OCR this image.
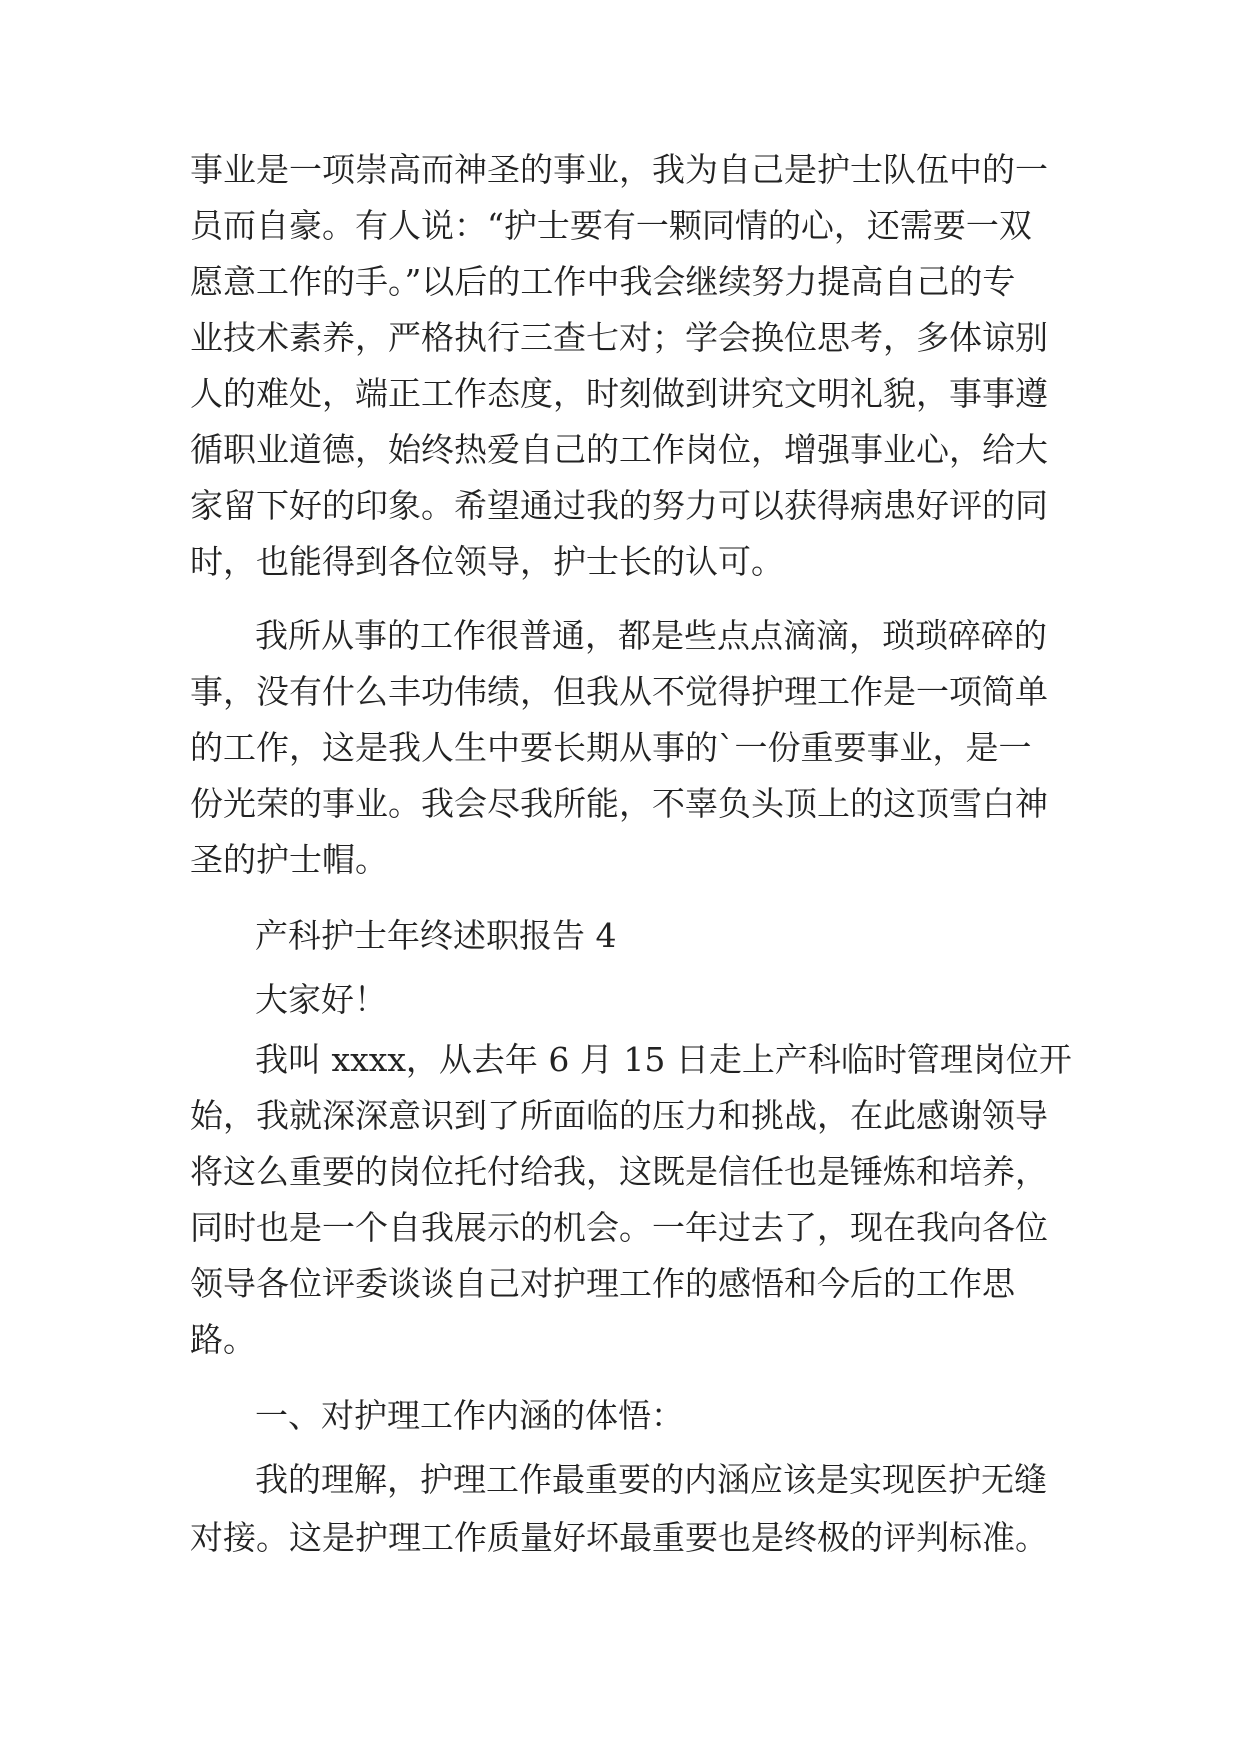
事业是一项崇高而神圣的事业，我为自己是护士队伍中的一
员而自豪。有人说：“护士要有一颗同情的心，还需要一双
愿意工作的手。”以后的工作中我会继续努力提高自己的专
业技术素养，严格执行三查七对；学会换位思考，多体谅别
人的难处，端正工作态度，时刻做到讲究文明礼貌，事事遵
循职业道德，始终热爱自己的工作岗位，增强事业心，给大
家留下好的印象。希望通过我的努力可以获得病患好评的同
时，也能得到各位领导，护士长的认可。
我所从事的工作很普通，都是些点点滴滴，琐琐碎碎的
事，没有什么丰功伟绩，但我从不觉得护理工作是一项简单
的工作，这是我人生中要长期从事的`一份重要事业，是一
份光荣的事业。我会尽我所能，不辜负头顶上的这顶雪白神
圣的护士帽。
产科护士年终述职报告 4
大家好！
我叫 xxxx，从去年 6 月 15 日走上产科临时管理岗位开
始，我就深深意识到了所面临的压力和挑战，在此感谢领导
将这么重要的岗位托付给我，这既是信任也是锤炼和培养，
同时也是一个自我展示的机会。一年过去了，现在我向各位
领导各位评委谈谈自己对护理工作的感悟和今后的工作思
路。
一、对护理工作内涵的体悟：
我的理解，护理工作最重要的内涵应该是实现医护无缝
对接。这是护理工作质量好坏最重要也是终极的评判标准。
